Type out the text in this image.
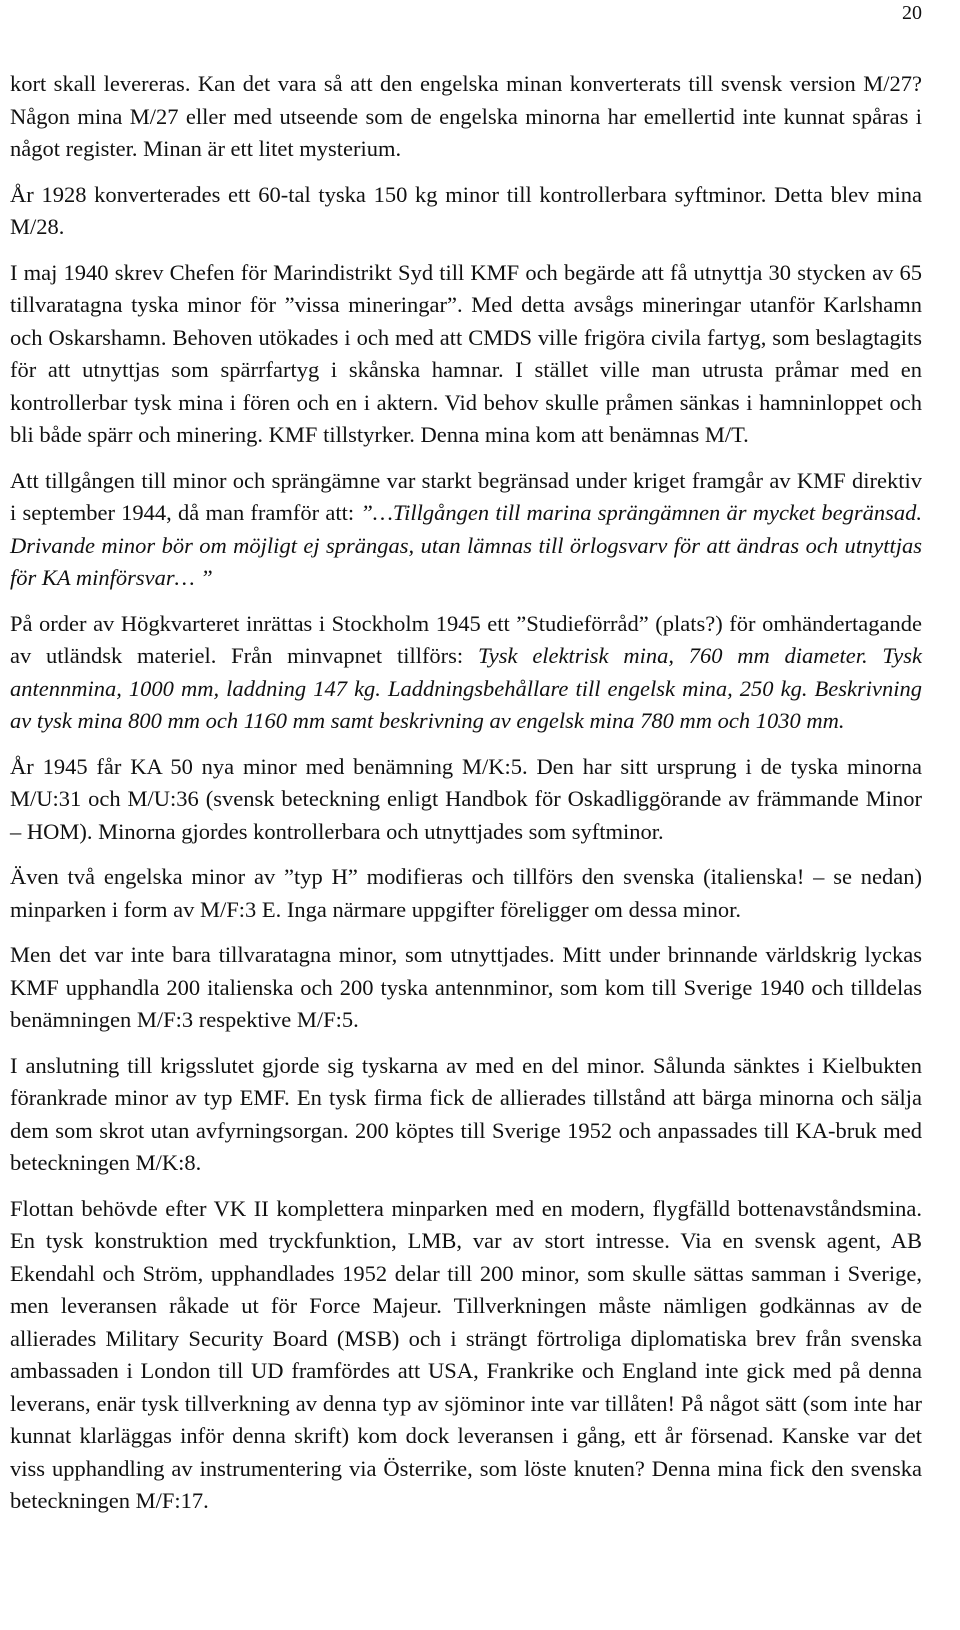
20

kort skall levereras. Kan det vara så att den engelska minan konverterats till svensk version M/27? Någon mina M/27 eller med utseende som de engelska minorna har emellertid inte kunnat spåras i något register. Minan är ett litet mysterium.

År 1928 konverterades ett 60-tal tyska 150 kg minor till kontrollerbara syftminor. Detta blev mina M/28.

I maj 1940 skrev Chefen för Marindistrikt Syd till KMF och begärde att få utnyttja 30 stycken av 65 tillvaratagna tyska minor för ”vissa mineringar”. Med detta avsågs mineringar utanför Karlshamn och Oskarshamn. Behoven utökades i och med att CMDS ville frigöra civila fartyg, som beslagtagits för att utnyttjas som spärrfartyg i skånska hamnar. I stället ville man utrusta pråmar med en kontrollerbar tysk mina i fören och en i aktern. Vid behov skulle pråmen sänkas i hamninloppet och bli både spärr och minering. KMF tillstyrker. Denna mina kom att benämnas M/T.

Att tillgången till minor och sprängämne var starkt begränsad under kriget framgår av KMF direktiv i september 1944, då man framför att: ”…Tillgången till marina sprängämnen är mycket begränsad. Drivande minor bör om möjligt ej sprängas, utan lämnas till örlogsvarv för att ändras och utnyttjas för KA minförsvar… ”

På order av Högkvarteret inrättas i Stockholm 1945 ett ”Studieförråd” (plats?) för omhändertagande av utländsk materiel. Från minvapnet tillförs: Tysk elektrisk mina, 760 mm diameter. Tysk antennmina, 1000 mm, laddning 147 kg. Laddningsbehållare till engelsk mina, 250 kg. Beskrivning av tysk mina 800 mm och 1160 mm samt beskrivning av engelsk mina 780 mm och 1030 mm.

År 1945 får KA 50 nya minor med benämning M/K:5. Den har sitt ursprung i de tyska minorna M/U:31 och M/U:36 (svensk beteckning enligt Handbok för Oskadliggörande av främmande Minor – HOM). Minorna gjordes kontrollerbara och utnyttjades som syftminor.

Även två engelska minor av ”typ H” modifieras och tillförs den svenska (italienska! – se nedan) minparken i form av M/F:3 E. Inga närmare uppgifter föreligger om dessa minor.

Men det var inte bara tillvaratagna minor, som utnyttjades. Mitt under brinnande världskrig lyckas KMF upphandla 200 italienska och 200 tyska antennminor, som kom till Sverige 1940 och tilldelas benämningen M/F:3 respektive M/F:5.

I anslutning till krigsslutet gjorde sig tyskarna av med en del minor. Sålunda sänktes i Kielbukten förankrade minor av typ EMF. En tysk firma fick de allierades tillstånd att bärga minorna och sälja dem som skrot utan avfyrningsorgan. 200 köptes till Sverige 1952 och anpassades till KA-bruk med beteckningen M/K:8.

Flottan behövde efter VK II komplettera minparken med en modern, flygfälld bottenavståndsmina. En tysk konstruktion med tryckfunktion, LMB, var av stort intresse. Via en svensk agent, AB Ekendahl och Ström, upphandlades 1952 delar till 200 minor, som skulle sättas samman i Sverige, men leveransen råkade ut för Force Majeur. Tillverkningen måste nämligen godkännas av de allierades Military Security Board (MSB) och i strängt förtroliga diplomatiska brev från svenska ambassaden i London till UD framfördes att USA, Frankrike och England inte gick med på denna leverans, enär tysk tillverkning av denna typ av sjöminor inte var tillåten! På något sätt (som inte har kunnat klarläggas inför denna skrift) kom dock leveransen i gång, ett år försenad. Kanske var det viss upphandling av instrumentering via Österrike, som löste knuten? Denna mina fick den svenska beteckningen M/F:17.
